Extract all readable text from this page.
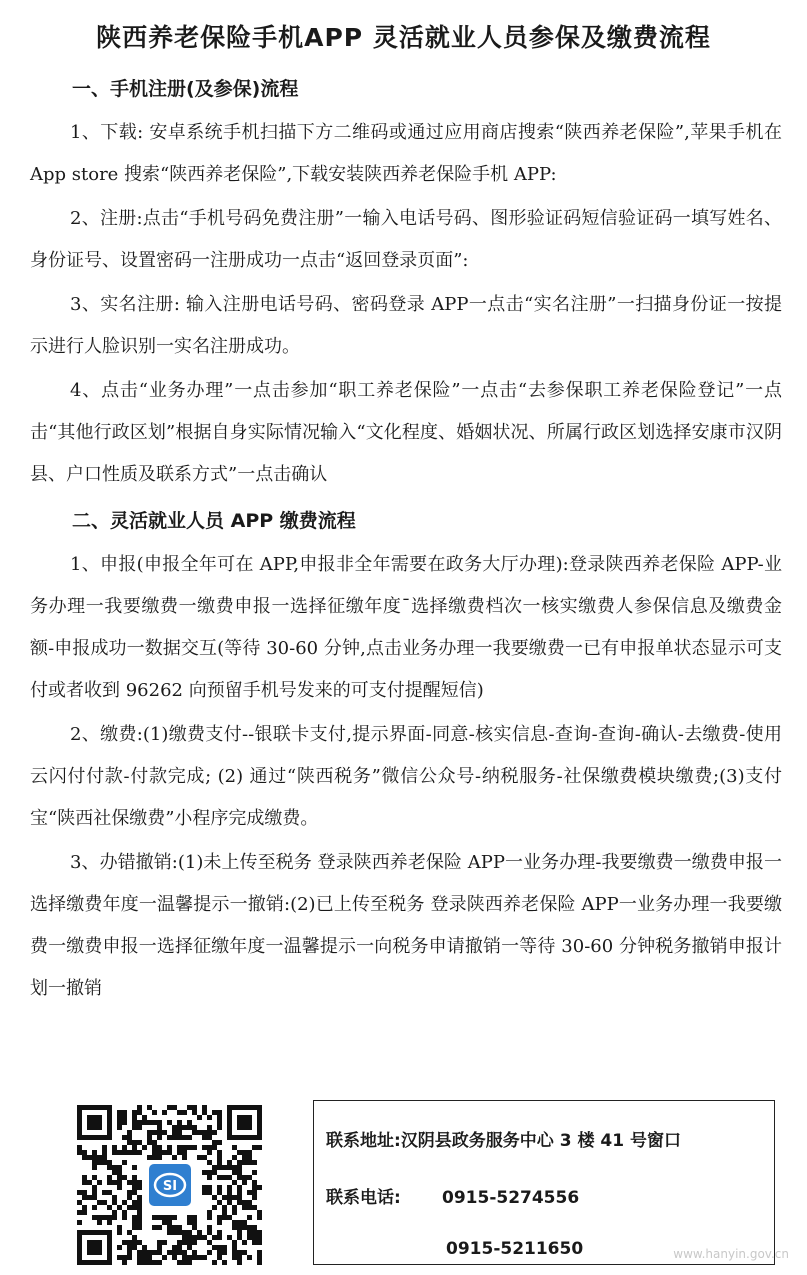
陕西养老保险手机APP 灵活就业人员参保及缴费流程

一、手机注册(及参保)流程

1、下载: 安卓系统手机扫描下方二维码或通过应用商店搜索“陕西养老保险”,苹果手机在 App store 搜索“陕西养老保险”,下载安装陕西养老保险手机 APP:

2、注册:点击“手机号码免费注册”一输入电话号码、图形验证码短信验证码一填写姓名、身份证号、设置密码一注册成功一点击“返回登录页面”:

3、实名注册: 输入注册电话号码、密码登录 APP一点击“实名注册”一扫描身份证一按提示进行人脸识别一实名注册成功。

4、点击“业务办理”一点击参加“职工养老保险”一点击“去参保职工养老保险登记”一点击“其他行政区划”根据自身实际情况输入“文化程度、婚姻状况、所属行政区划选择安康市汉阴县、户口性质及联系方式”一点击确认

二、灵活就业人员 APP 缴费流程

1、申报(申报全年可在 APP,申报非全年需要在政务大厅办理):登录陕西养老保险 APP-业务办理一我要缴费一缴费申报一选择征缴年度¯选择缴费档次一核实缴费人参保信息及缴费金额-申报成功一数据交互(等待 30-60 分钟,点击业务办理一我要缴费一已有申报单状态显示可支付或者收到 96262 向预留手机号发来的可支付提醒短信)

2、缴费:(1)缴费支付--银联卡支付,提示界面-同意-核实信息-查询-查询-确认-去缴费-使用云闪付付款-付款完成; (2) 通过“陕西税务”微信公众号-纳税服务-社保缴费模块缴费;(3)支付宝“陕西社保缴费”小程序完成缴费。

3、办错撤销:(1)未上传至税务 登录陕西养老保险 APP一业务办理-我要缴费一缴费申报一选择缴费年度一温馨提示一撤销:(2)已上传至税务 登录陕西养老保险 APP一业务办理一我要缴费一缴费申报一选择征缴年度一温馨提示一向税务申请撤销一等待 30-60 分钟税务撤销申报计划一撤销

SI
联系地址:汉阴县政务服务中心 3 楼 41 号窗口
联系电话: 0915-5274556
0915-5211650	www.hanyin.gov.cn
